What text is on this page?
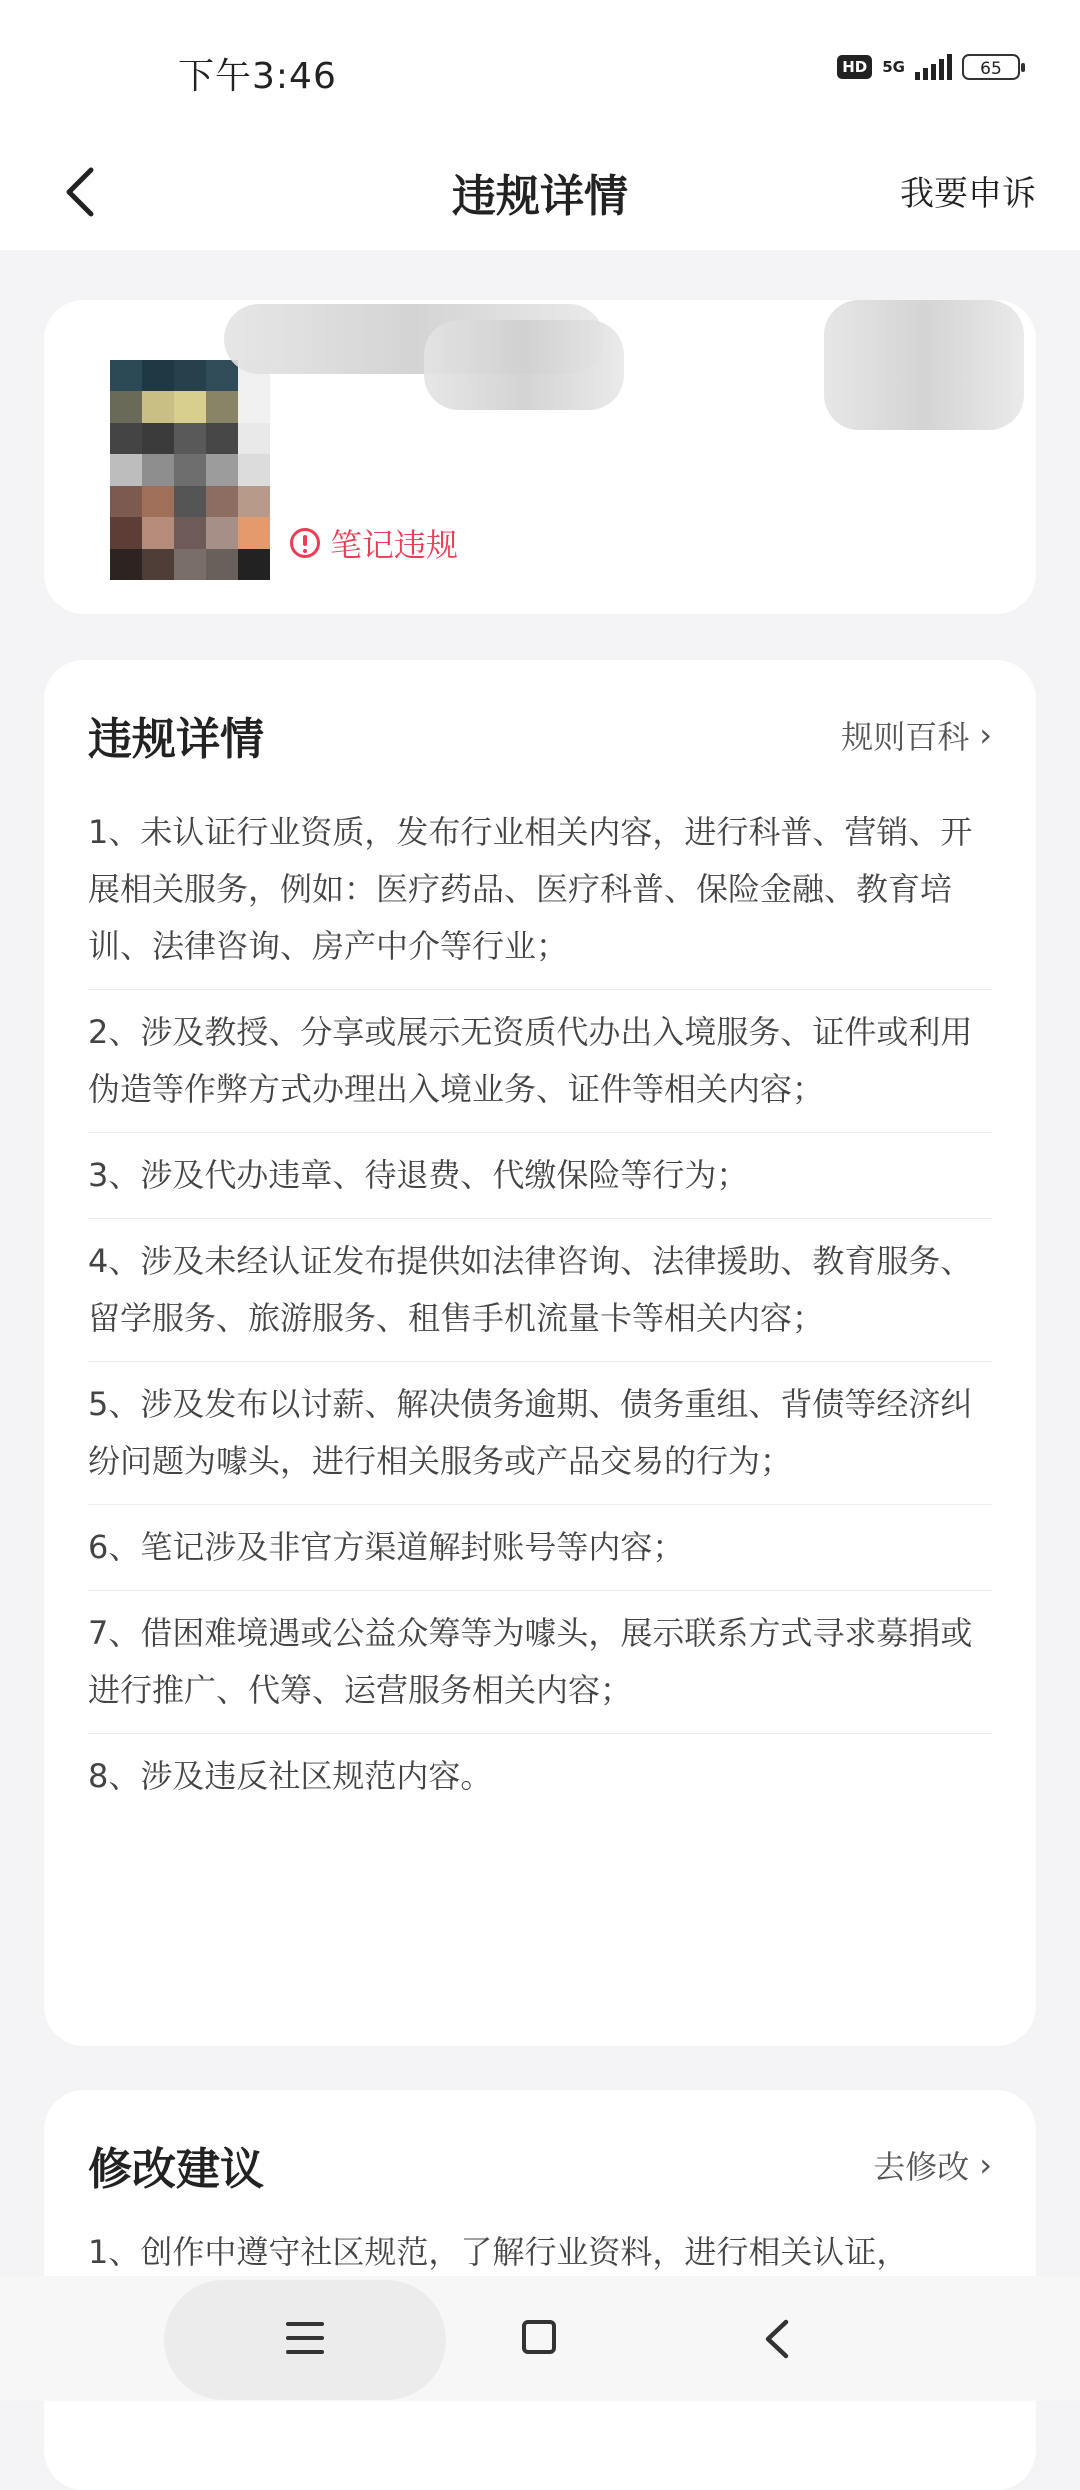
下午3:46	HD	5G	65
违规详情	我要申诉
笔记违规
违规详情	规则百科 ›
1、未认证行业资质，发布行业相关内容，进行科普、营销、开展相关服务，例如：医疗药品、医疗科普、保险金融、教育培训、法律咨询、房产中介等行业；
2、涉及教授、分享或展示无资质代办出入境服务、证件或利用伪造等作弊方式办理出入境业务、证件等相关内容；
3、涉及代办违章、待退费、代缴保险等行为；
4、涉及未经认证发布提供如法律咨询、法律援助、教育服务、留学服务、旅游服务、租售手机流量卡等相关内容；
5、涉及发布以讨薪、解决债务逾期、债务重组、背债等经济纠纷问题为噱头，进行相关服务或产品交易的行为；
6、笔记涉及非官方渠道解封账号等内容；
7、借困难境遇或公益众筹等为噱头，展示联系方式寻求募捐或进行推广、代筹、运营服务相关内容；
8、涉及违反社区规范内容。
修改建议	去修改 ›
1、创作中遵守社区规范，了解行业资料，进行相关认证，
